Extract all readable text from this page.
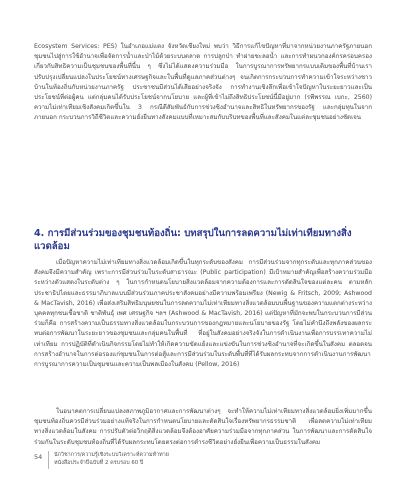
Ecosystem Services: PES) ในอำเภอแม่แตง จังหวัดเชียงใหม่ พบว่า วิธีการแก้ไขปัญหาที่มาจากหน่วยงานภาครัฐภายนอกชุมชนไปสู่การใช้อำนาจเพื่อจัดการน้ำและป่าไม้ด้วยระบบตลาด การปลูกป่า ทำฝายชะลอน้ำ และการทำผนวกองค์กรครอบครองเกี่ยวกับสิทธิความเป็นชุมชนของพื้นที่นี้น ๆ ซึ่งไม่ได้แสดงความร่วมมือ ในการบูรณาการทรัพยากรแบบเดิมของพื้นที่บ้านเรา ปรับปรุงเปลี่ยนแปลงในประโยชน์ทางเศรษฐกิจและในพื้นที่ดูแลภาคส่วนต่างๆ จนเกิดการกระบวนการทำความเข้าใจระหว่างชาวบ้านในท้องถิ่นกับหน่วยงานภาครัฐ ประชาชนมีส่วนได้เสียอย่างจริงจัง การทำงานเชิงลึกเพื่อเข้าใจปัญหาในระยะยาวและเป็นประโยชน์ที่ต่อผู้คน แต่กลุ่มคนได้รับประโยชน์จากนโยบาย และผู้ที่เข้าไม่ถึงสิทธิประโยชน์นี้มีอยู่มาก (รพีพรรณ เบกะ, 2560) ความไม่เท่าเทียมเชิงสังคมเกิดขึ้นใน 3 กรณีดีสัมพันธ์กับการช่วงชิงอำนาจและสิทธิในทรัพยากรของรัฐ และกลุ่มทุนในจากภายนอก กระบวนการวิถีชีวิตและความยั่งยืนทางสังคมแบบที่เหมาะสมกับบริบทของพื้นที่และสังคมในแต่ละชุมชนอย่างชัดเจน

4. การมีส่วนร่วมของชุมชนท้องถิ่น: บทสรุปในการลดความไม่เท่าเทียมทางสิ่งแวดล้อม

เมื่อปัญหาความไม่เท่าเทียมทางสิ่งแวดล้อมเกิดขึ้นในทุกระดับของสังคม การมีส่วนร่วมจากทุกระดับและทุกภาคส่วนของสังคมจึงมีความสำคัญ เพราะการมีส่วนร่วมในระดับสาธารณะ (Public participation) มีเป้าหมายสำคัญเพื่อสร้างความร่วมมือระหว่างตัวแสดงในระดับต่าง ๆ ในการกำหนดนโยบายสิ่งแวดล้อมจากความต้องการและการตัดสินใจของแต่ละคน ตามหลักประชาธิปไตยและธรรมาภิบาลแบบมีส่วนร่วมภาคประชาสังคมอย่างมีความพร้อมเพรียง (Newig & Fritsch, 2009; Ashwood & MacTavish, 2016) เพื่อส่งเสริมสิทธิมนุษยชนในการลดความไม่เท่าเทียมทางสิ่งแวดล้อมบนพื้นฐานของความแตกต่างระหว่างบุคคลทุกชนเชื้อชาติ ชาติพันธุ์ เพศ เศรษฐกิจ ฯลฯ (Ashwood & MacTavish, 2016) แต่ปัญหาที่มักจะพบในกระบวนการมีส่วนร่วมก็คือ การสร้างความเป็นธรรมทางสิ่งแวดล้อมในกระบวนการของกฎหมายและนโยบายของรัฐ โดยไม่คำนึงถึงพลังของผลกระทบต่อการพัฒนาในระยะยาวของชุมชนและกลุ่มคนในพื้นที่ ที่อยู่ในสังคมอย่างจริงจังในการดำเนินงานเพื่อการบรรเทาความไม่เท่าเทียม การปฏิบัติที่ดำเนินกิจกรรมโดยไม่ทำให้เกิดความขัดแย้งและแข่งขันในการช่วงชิงอำนาจที่จะเกิดขึ้นในสังคม ตลอดจนการสร้างอำนาจในการต่อรองแก่ชุมชนในการต่อสู้และการมีส่วนร่วมในระดับพื้นที่ที่ได้รับผลกระทบจากการดำเนินงานการพัฒนา การบูรณาการความเป็นชุมชนและความเป็นพลเมืองในสังคม (Pellow, 2016)

ในอนาคตการเปลี่ยนแปลงสภาพภูมิอากาศและการพัฒนาต่างๆ จะทำให้ความไม่เท่าเทียมทางสิ่งแวดล้อมยิ่งเพิ่มมากขึ้น ชุมชนท้องถิ่นควรมีส่วนร่วมอย่างแท้จริงในการกำหนดนโยบายและตัดสินใจเรื่องทรัพยากรธรรมชาติ เพื่อลดความไม่เท่าเทียมทางสิ่งแวดล้อมในสังคม การปรับตัวต่อวิกฤติสิ่งแวดล้อมจึงต้องอาศัยความร่วมมือจากทุกภาคส่วน ในการพัฒนาและการตัดสินใจร่วมกันในระดับชุมชนท้องถิ่นที่ได้รับผลกระทบโดยตรงต่อการดำรงชีวิตอย่างยั่งยืนเพื่อความเป็นธรรมในสังคม

54 นักวิชาการ/ความรู้เชิงระบบวิเคราะห์ความท้าทาย
หนังสือประจำปีฉบับที่ 2 ครบรอบ 60 ปี
